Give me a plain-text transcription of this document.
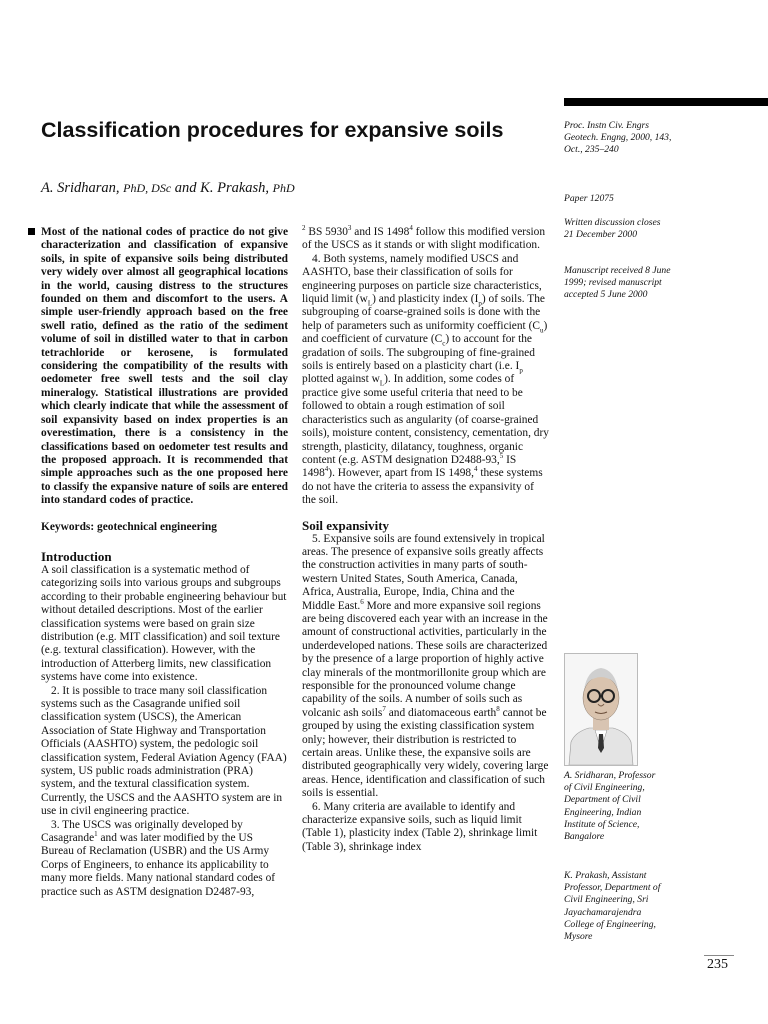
Classification procedures for expansive soils
A. Sridharan, PhD, DSc and K. Prakash, PhD
Most of the national codes of practice do not give characterization and classification of expansive soils, in spite of expansive soils being distributed very widely over almost all geographical locations in the world, causing distress to the structures founded on them and discomfort to the users. A simple user-friendly approach based on the free swell ratio, defined as the ratio of the sediment volume of soil in distilled water to that in carbon tetrachloride or kerosene, is formulated considering the compatibility of the results with oedometer free swell tests and the soil clay mineralogy. Statistical illustrations are provided which clearly indicate that while the assessment of soil expansivity based on index properties is an overestimation, there is a consistency in the classifications based on oedometer test results and the proposed approach. It is recommended that simple approaches such as the one proposed here to classify the expansive nature of soils are entered into standard codes of practice.

Keywords: geotechnical engineering

Introduction

A soil classification is a systematic method of categorizing soils into various groups and subgroups according to their probable engineering behaviour but without detailed descriptions. Most of the earlier classification systems were based on grain size distribution (e.g. MIT classification) and soil texture (e.g. textural classification). However, with the introduction of Atterberg limits, new classification systems have come into existence.

2. It is possible to trace many soil classification systems such as the Casagrande unified soil classification system (USCS), the American Association of State Highway and Transportation Officials (AASHTO) system, the pedologic soil classification system, Federal Aviation Agency (FAA) system, US public roads administration (PRA) system, and the textural classification system. Currently, the USCS and the AASHTO system are in use in civil engineering practice.

3. The USCS was originally developed by Casagrande$^1$ and was later modified by the US Bureau of Reclamation (USBR) and the US Army Corps of Engineers, to enhance its applicability to many more fields. Many national standard codes of practice such as ASTM designation D2487-93,

$^2$ BS 5930$^3$ and IS 1498$^4$ follow this modified version of the USCS as it stands or with slight modification.

4. Both systems, namely modified USCS and AASHTO, base their classification of soils for engineering purposes on particle size characteristics, liquid limit $(w_L)$ and plasticity index $(I_p)$ of soils. The subgrouping of coarse-grained soils is done with the help of parameters such as uniformity coefficient $(C_u)$ and coefficient of curvature $(C_c)$ to account for the gradation of soils. The subgrouping of fine-grained soils is entirely based on a plasticity chart (i.e. $I_p$ plotted against $w_L$). In addition, some codes of practice give some useful criteria that need to be followed to obtain a rough estimation of soil characteristics such as angularity (of coarse-grained soils), moisture content, consistency, cementation, dry strength, plasticity, dilatancy, toughness, organic content (e.g. ASTM designation D2488-93,$^5$ IS 1498$^4$). However, apart from IS 1498,$^4$ these systems do not have the criteria to assess the expansivity of the soil.

Soil expansivity

5. Expansive soils are found extensively in tropical areas. The presence of expansive soils greatly affects the construction activities in many parts of south-western United States, South America, Canada, Africa, Australia, Europe, India, China and the Middle East.$^6$ More and more expansive soil regions are being discovered each year with an increase in the amount of constructional activities, particularly in the underdeveloped nations. These soils are characterized by the presence of a large proportion of highly active clay minerals of the montmorillonite group which are responsible for the pronounced volume change capability of the soils. A number of soils such as volcanic ash soils$^7$ and diatomaceous earth$^8$ cannot be grouped by using the existing classification system only; however, their distribution is restricted to certain areas. Unlike these, the expansive soils are distributed geographically very widely, covering large areas. Hence, identification and classification of such soils is essential.

6. Many criteria are available to identify and characterize expansive soils, such as liquid limit (Table 1), plasticity index (Table 2), shrinkage limit (Table 3), shrinkage index

Proc. Instn Civ. Engrs Geotech. Engng, 2000, 143, Oct., 235–240

Paper 12075

Written discussion closes 21 December 2000

Manuscript received 8 June 1999; revised manuscript accepted 5 June 2000

A. Sridharan, Professor of Civil Engineering, Department of Civil Engineering, Indian Institute of Science, Bangalore

K. Prakash, Assistant Professor, Department of Civil Engineering, Sri Jayachamarajendra College of Engineering, Mysore

235
